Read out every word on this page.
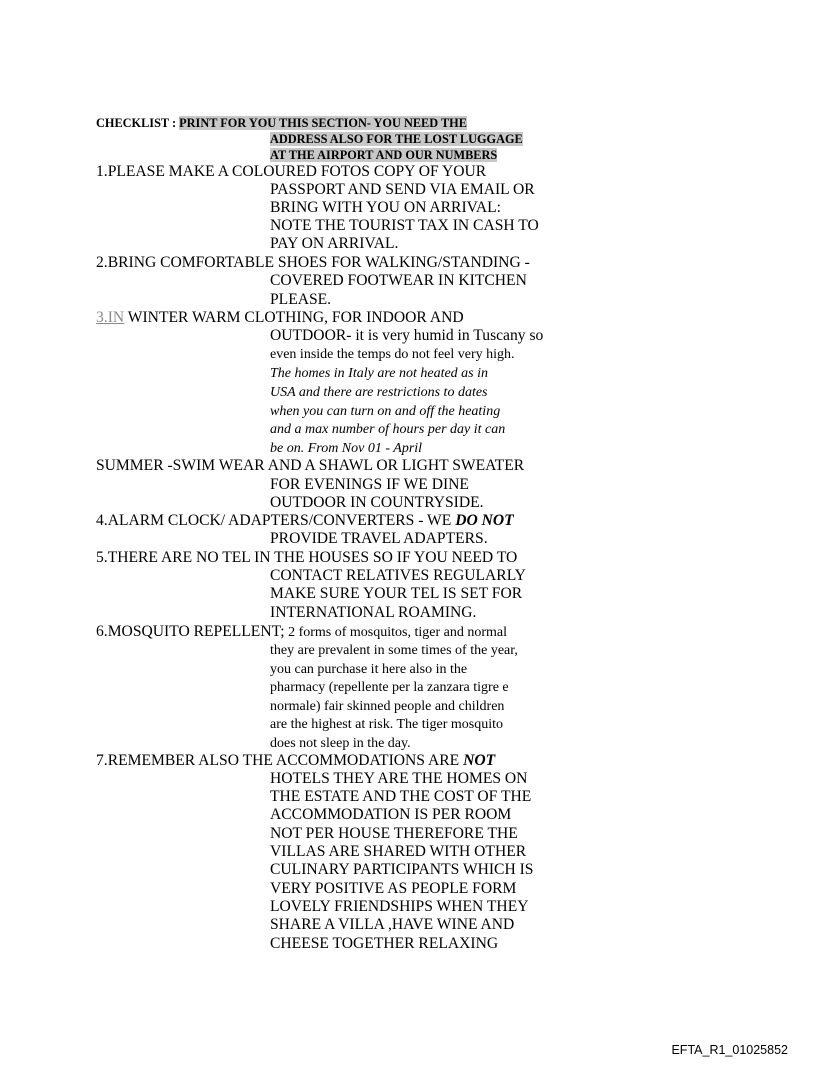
CHECKLIST : PRINT FOR YOU THIS SECTION- YOU NEED THE
ADDRESS ALSO FOR THE LOST LUGGAGE
AT THE AIRPORT AND OUR NUMBERS
1.PLEASE MAKE A COLOURED FOTOS COPY OF YOUR
PASSPORT AND SEND VIA EMAIL OR
BRING WITH YOU ON ARRIVAL:
NOTE THE TOURIST TAX IN CASH TO
PAY ON ARRIVAL.
2.BRING COMFORTABLE SHOES FOR WALKING/STANDING -
COVERED FOOTWEAR IN KITCHEN
PLEASE.
3.IN WINTER WARM CLOTHING, FOR INDOOR AND
OUTDOOR- it is very humid in Tuscany so
even inside the temps do not feel very high.
The homes in Italy are not heated as in
USA and there are restrictions to dates
when you can turn on and off the heating
and a max number of hours per day it can
be on. From Nov 01 - April
SUMMER -SWIM WEAR AND A SHAWL OR LIGHT SWEATER
FOR EVENINGS IF WE DINE
OUTDOOR IN COUNTRYSIDE.
4.ALARM CLOCK/ ADAPTERS/CONVERTERS - WE DO NOT
PROVIDE TRAVEL ADAPTERS.
5.THERE ARE NO TEL IN THE HOUSES SO IF YOU NEED TO
CONTACT RELATIVES REGULARLY
MAKE SURE YOUR TEL IS SET FOR
INTERNATIONAL ROAMING.
6.MOSQUITO REPELLENT; 2 forms of mosquitos, tiger and normal
they are prevalent in some times of the year,
you can purchase it here also in the
pharmacy (repellente per la zanzara tigre e
normale) fair skinned people and children
are the highest at risk. The tiger mosquito
does not sleep in the day.
7.REMEMBER ALSO THE ACCOMMODATIONS ARE NOT
HOTELS THEY ARE THE HOMES ON
THE ESTATE AND THE COST OF THE
ACCOMMODATION IS PER ROOM
NOT PER HOUSE THEREFORE THE
VILLAS ARE SHARED WITH OTHER
CULINARY PARTICIPANTS WHICH IS
VERY POSITIVE AS PEOPLE FORM
LOVELY FRIENDSHIPS WHEN THEY
SHARE A VILLA ,HAVE WINE AND
CHEESE TOGETHER RELAXING
EFTA_R1_01025852
